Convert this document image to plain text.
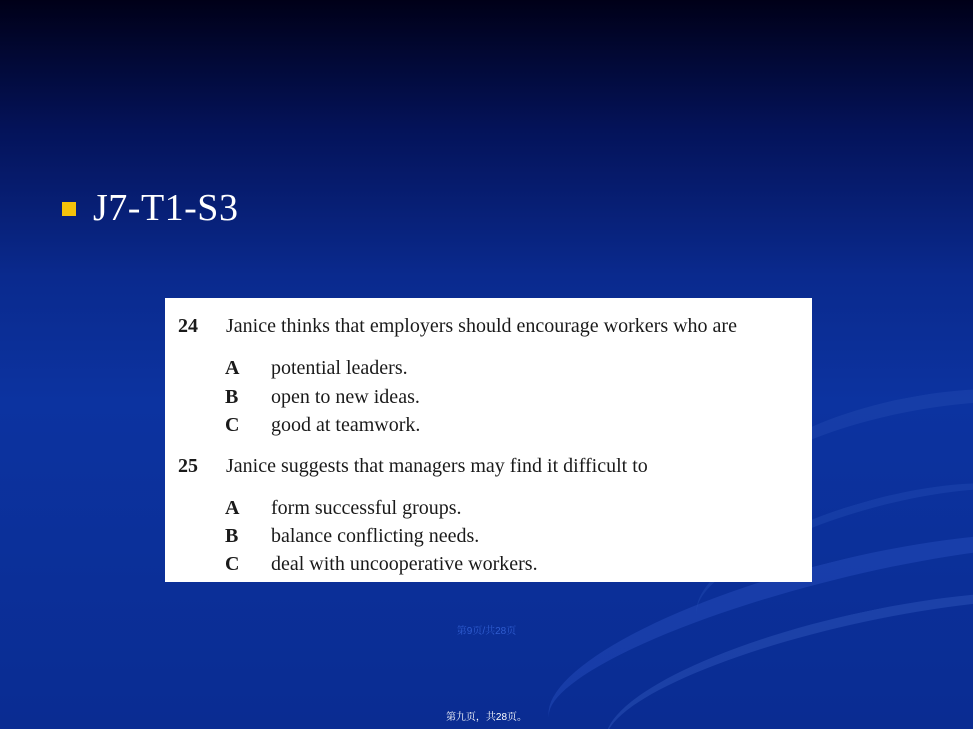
J7-T1-S3
24 Janice thinks that employers should encourage workers who are
A potential leaders.
B open to new ideas.
C good at teamwork.
25 Janice suggests that managers may find it difficult to
A form successful groups.
B balance conflicting needs.
C deal with uncooperative workers.
第9页/共28页
第九页，共28页。
